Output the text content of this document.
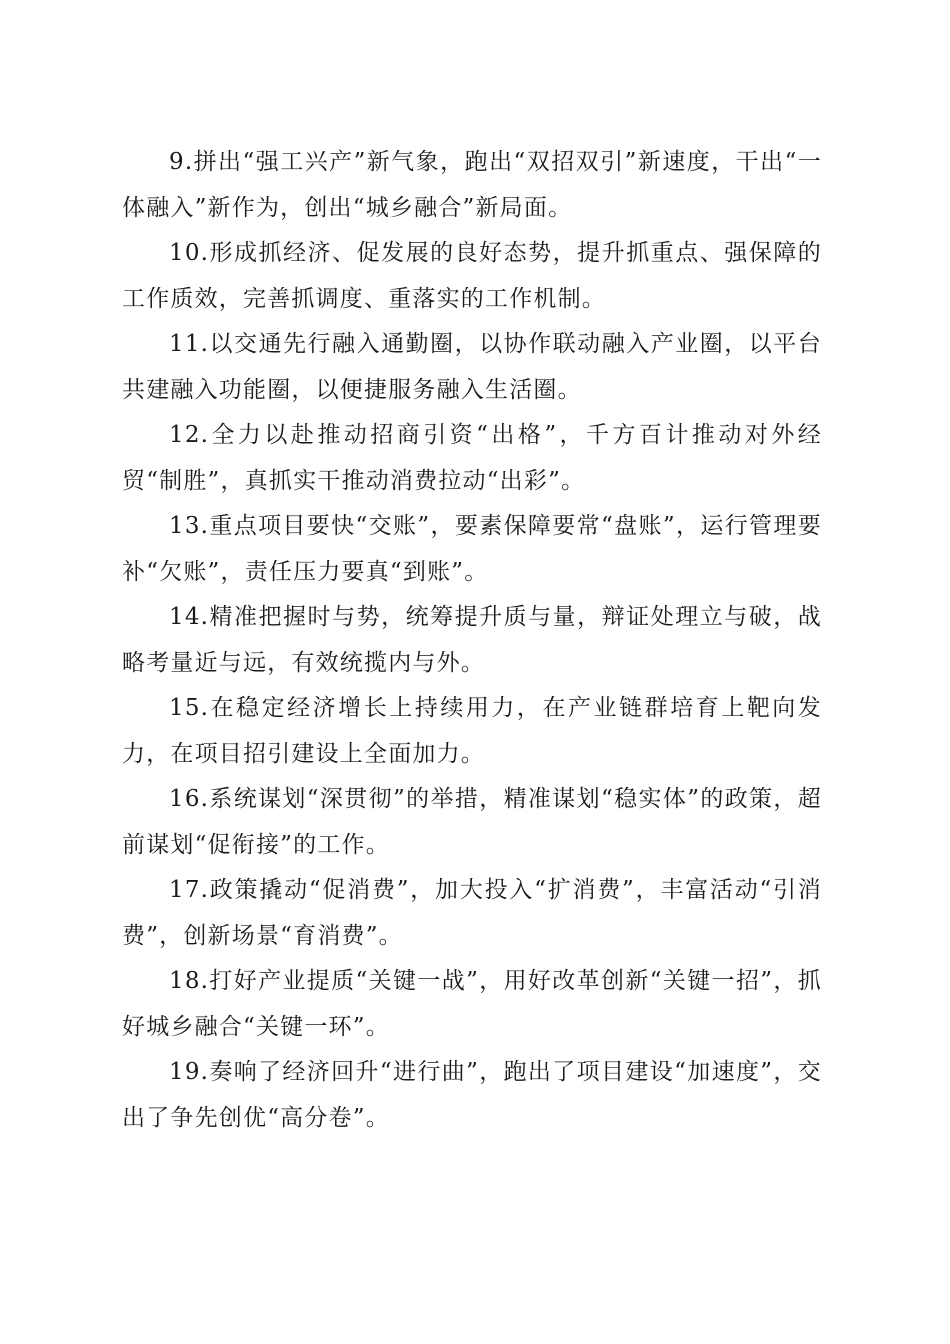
9.拼出“强工兴产”新气象，跑出“双招双引”新速度，干出“一体融入”新作为，创出“城乡融合”新局面。

10.形成抓经济、促发展的良好态势，提升抓重点、强保障的工作质效，完善抓调度、重落实的工作机制。

11.以交通先行融入通勤圈，以协作联动融入产业圈，以平台共建融入功能圈，以便捷服务融入生活圈。

12.全力以赴推动招商引资“出格”，千方百计推动对外经贸“制胜”，真抓实干推动消费拉动“出彩”。

13.重点项目要快“交账”，要素保障要常“盘账”，运行管理要补“欠账”，责任压力要真“到账”。

14.精准把握时与势，统筹提升质与量，辩证处理立与破，战略考量近与远，有效统揽内与外。

15.在稳定经济增长上持续用力，在产业链群培育上靶向发力，在项目招引建设上全面加力。

16.系统谋划“深贯彻”的举措，精准谋划“稳实体”的政策，超前谋划“促衔接”的工作。

17.政策撬动“促消费”，加大投入“扩消费”，丰富活动“引消费”，创新场景“育消费”。

18.打好产业提质“关键一战”，用好改革创新“关键一招”，抓好城乡融合“关键一环”。

19.奏响了经济回升“进行曲”，跑出了项目建设“加速度”，交出了争先创优“高分卷”。
